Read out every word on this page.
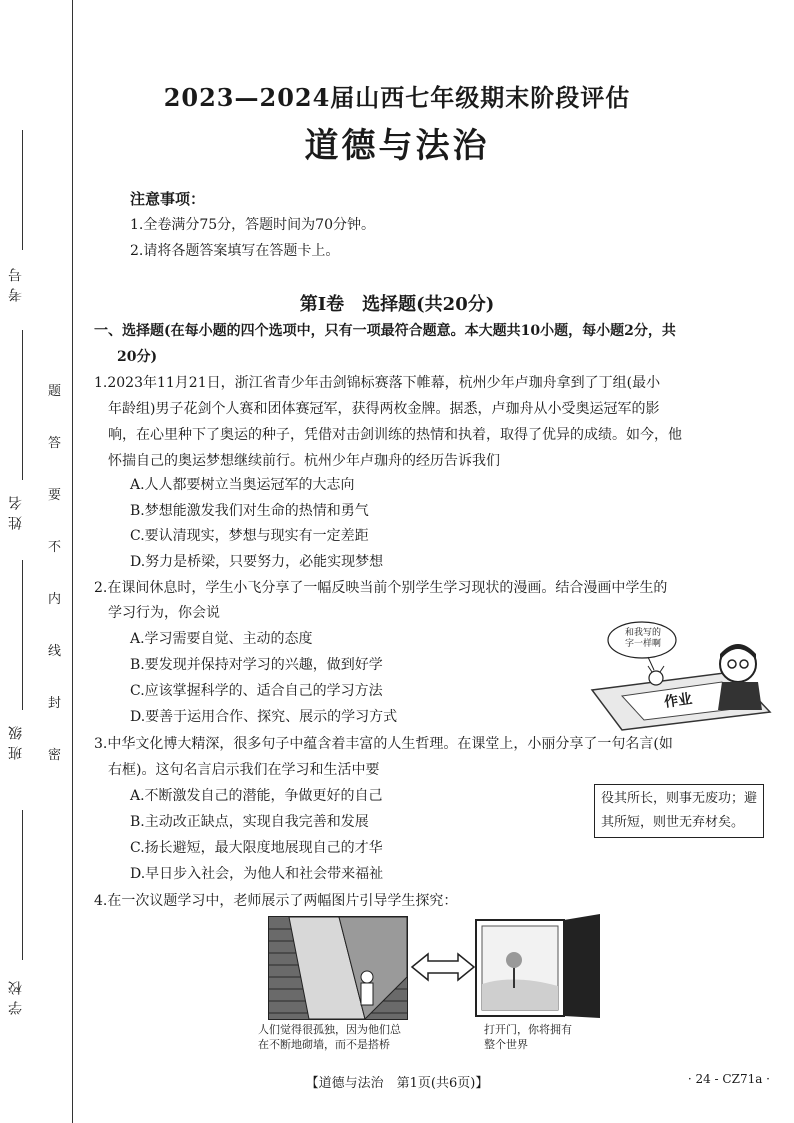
考号
姓名
班级
学校
题
答
要
不
内
线
封
密
2023—2024届山西七年级期末阶段评估
道德与法治
注意事项：
1.全卷满分75分，答题时间为70分钟。
2.请将各题答案填写在答题卡上。
第Ⅰ卷　选择题(共20分)
一、选择题(在每小题的四个选项中，只有一项最符合题意。本大题共10小题，每小题2分，共
20分)
1.2023年11月21日，浙江省青少年击剑锦标赛落下帷幕，杭州少年卢珈舟拿到了丁组(最小
年龄组)男子花剑个人赛和团体赛冠军，获得两枚金牌。据悉，卢珈舟从小受奥运冠军的影
响，在心里种下了奥运的种子，凭借对击剑训练的热情和执着，取得了优异的成绩。如今，他
怀揣自己的奥运梦想继续前行。杭州少年卢珈舟的经历告诉我们
A.人人都要树立当奥运冠军的大志向
B.梦想能激发我们对生命的热情和勇气
C.要认清现实，梦想与现实有一定差距
D.努力是桥梁，只要努力，必能实现梦想
2.在课间休息时，学生小飞分享了一幅反映当前个别学生学习现状的漫画。结合漫画中学生的
学习行为，你会说
A.学习需要自觉、主动的态度
B.要发现并保持对学习的兴趣，做到好学
C.应该掌握科学的、适合自己的学习方法
D.要善于运用合作、探究、展示的学习方式
和我写的
字一样啊
作业
3.中华文化博大精深，很多句子中蕴含着丰富的人生哲理。在课堂上，小丽分享了一句名言(如
右框)。这句名言启示我们在学习和生活中要
A.不断激发自己的潜能，争做更好的自己
B.主动改正缺点，实现自我完善和发展
C.扬长避短，最大限度地展现自己的才华
D.早日步入社会，为他人和社会带来福祉
役其所长，则事无废功；避
其所短，则世无弃材矣。
4.在一次议题学习中，老师展示了两幅图片引导学生探究：
人们觉得很孤独，因为他们总
在不断地砌墙，而不是搭桥
打开门，你将拥有
整个世界
【道德与法治　第1页(共6页)】	· 24 - CZ71a ·
